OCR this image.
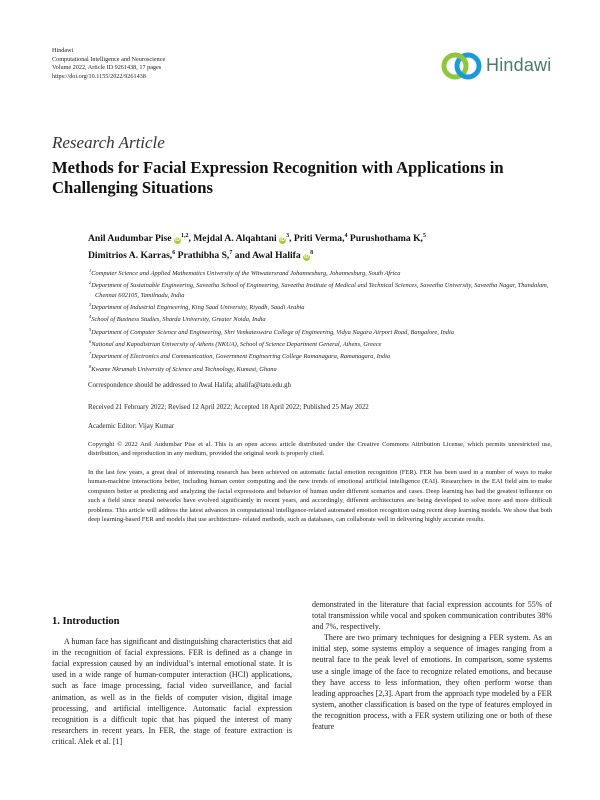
Hindawi
Computational Intelligence and Neuroscience
Volume 2022, Article ID 9261438, 17 pages
https://doi.org/10.1155/2022/9261438
Hindawi
Research Article
Methods for Facial Expression Recognition with Applications in Challenging Situations
Anil Audumbar Pise iD$^{1,2}$, Mejdal A. Alqahtani $iD^3$, Priti Verma,$^4$ Purushothama K,$^5$
Dimitrios A. Karras,$^6$ Prathibha S,$^7$ and Awal Halifa $iD^8$
$^1$Computer Science and Applied Mathematics University of the Witwatersrand Johannesburg, Johannesburg, South Africa
$^2$Department of Sustainable Engineering, Saveetha School of Engineering, Saveetha Institute of Medical and Technical Sciences, Saveetha University, Saveetha Nagar, Thandalam, Chennai 602105, Tamilnadu, India
$^3$Department of Industrial Engineering, King Saud University, Riyadh, Saudi Arabia
$^4$School of Business Studies, Sharda University, Greater Noida, India
$^5$Department of Computer Science and Engineering, Shri Venkateswara College of Engineering, Vidya Nagara Airport Road, Bangalore, India
$^6$National and Kapodistrian University of Athens (NKUA), School of Science Department General, Athens, Greece
$^7$Department of Electronics and Communication, Government Engineering College Ramanagara, Ramanagara, India
$^8$Kwame Nkrumah University of Science and Technology, Kumasi, Ghana
Correspondence should be addressed to Awal Halifa; ahalifa@tatu.edu.gh
Received 21 February 2022; Revised 12 April 2022; Accepted 18 April 2022; Published 25 May 2022
Academic Editor: Vijay Kumar
Copyright © 2022 Anil Audumbar Pise et al. This is an open access article distributed under the Creative Commons Attribution License, which permits unrestricted use, distribution, and reproduction in any medium, provided the original work is properly cited.
In the last few years, a great deal of interesting research has been achieved on automatic facial emotion recognition (FER). FER has been used in a number of ways to make human-machine interactions better, including human center computing and the new trends of emotional artificial intelligence (EAI). Researchers in the EAI field aim to make computers better at predicting and analyzing the facial expressions and behavior of human under different scenarios and cases. Deep learning has had the greatest influence on such a field since neural networks have evolved significantly in recent years, and accordingly, different architectures are being developed to solve more and more difficult problems. This article will address the latest advances in computational intelligence-related automated emotion recognition using recent deep learning models. We show that both deep learning-based FER and models that use architecture- related methods, such as databases, can collaborate well in delivering highly accurate results.
1. Introduction

A human face has significant and distinguishing characteristics that aid in the recognition of facial expressions. FER is defined as a change in facial expression caused by an individual’s internal emotional state. It is used in a wide range of human-computer interaction (HCI) applications, such as face image processing, facial video surveillance, and facial animation, as well as in the fields of computer vision, digital image processing, and artificial intelligence. Automatic facial expression recognition is a difficult topic that has piqued the interest of many researchers in recent years. In FER, the stage of feature extraction is critical. Alek et al. [1]

demonstrated in the literature that facial expression accounts for 55% of total transmission while vocal and spoken communication contributes 38% and 7%, respectively.

There are two primary techniques for designing a FER system. As an initial step, some systems employ a sequence of images ranging from a neutral face to the peak level of emotions. In comparison, some systems use a single image of the face to recognize related emotions, and because they have access to less information, they often perform worse than leading approaches [2,3]. Apart from the approach type modeled by a FER system, another classification is based on the type of features employed in the recognition process, with a FER system utilizing one or both of these feature
